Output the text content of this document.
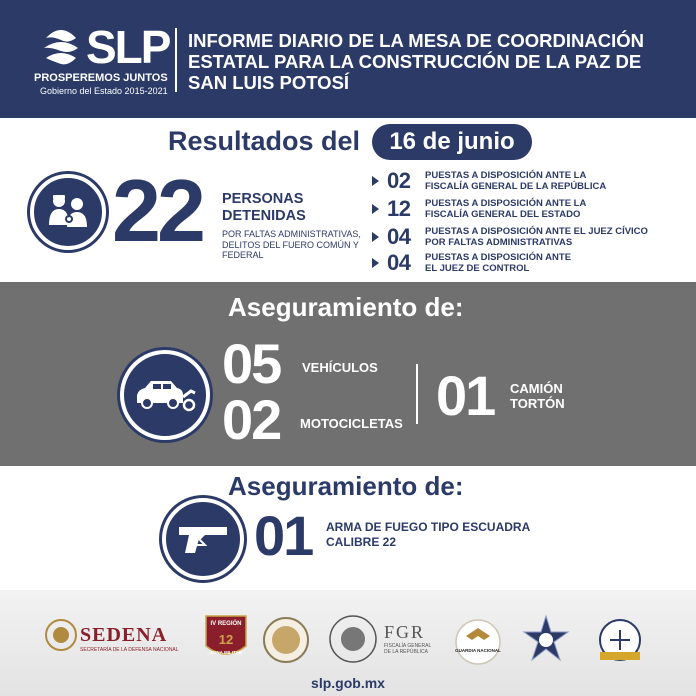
SLP
PROSPEREMOS JUNTOS
Gobierno del Estado 2015-2021
INFORME DIARIO DE LA MESA DE COORDINACIÓN ESTATAL PARA LA CONSTRUCCIÓN DE LA PAZ DE SAN LUIS POTOSÍ
Resultados del	16 de junio
22 PERSONAS DETENIDAS
POR FALTAS ADMINISTRATIVAS, DELITOS DEL FUERO COMÚN Y FEDERAL
02	PUESTAS A DISPOSICIÓN ANTE LA
FISCALÍA GENERAL DE LA REPÚBLICA
12	PUESTAS A DISPOSICIÓN ANTE LA
FISCALÍA GENERAL DEL ESTADO
04	PUESTAS A DISPOSICIÓN ANTE EL JUEZ CÍVICO
POR FALTAS ADMINISTRATIVAS
04	PUESTAS A DISPOSICIÓN ANTE
EL JUEZ DE CONTROL
Aseguramiento de:
05 VEHÍCULOS
02 MOTOCICLETAS 01 CAMIÓN
TORTÓN
Aseguramiento de:
01 ARMA DE FUEGO TIPO ESCUADRA
CALIBRE 22
SEDENA
SECRETARÍA DE LA DEFENSA NACIONAL
IV REGIÓN
12
ZONA MILITAR
FGR
FISCALÍA GENERAL DE LA REPÚBLICA	GUARDIA NACIONAL
slp.gob.mx
